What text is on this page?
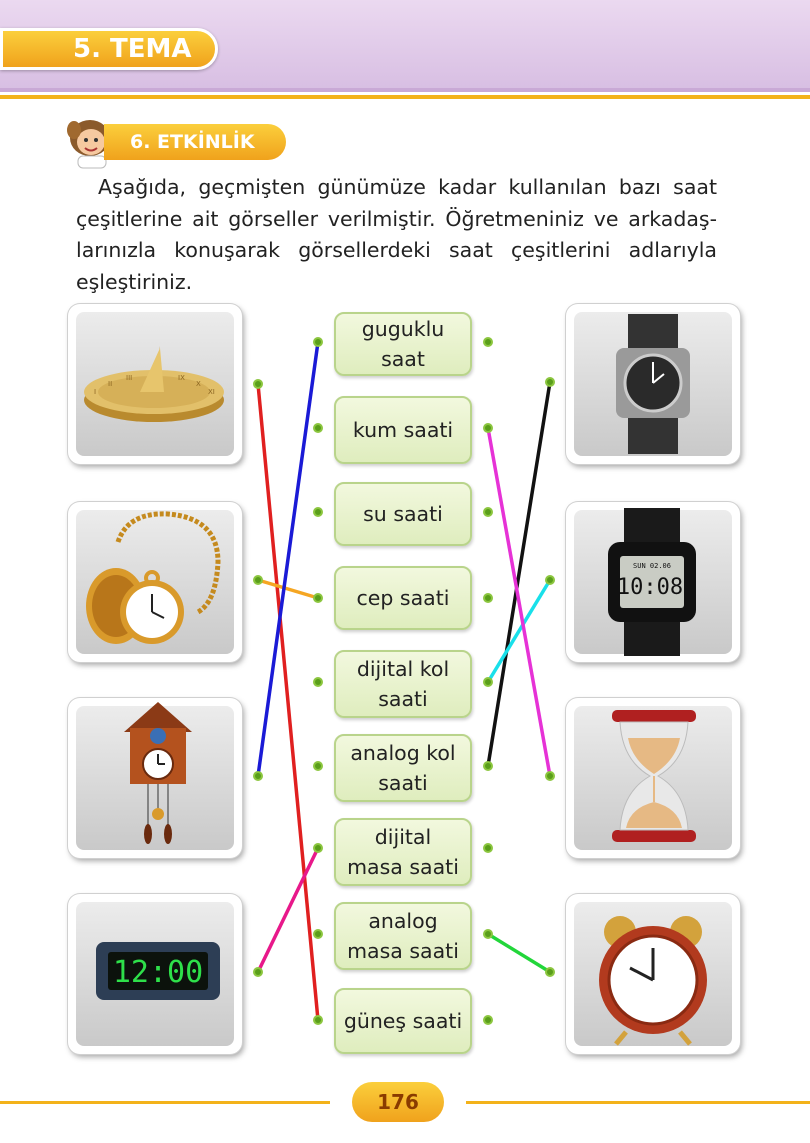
5. TEMA
6. ETKİNLİK
Aşağıda, geçmişten günümüze kadar kullanılan bazı saat
çeşitlerine ait görseller verilmiştir. Öğretmeniniz ve arkadaş-
larınızla konuşarak görsellerdeki saat çeşitlerini adlarıyla
eşleştiriniz.
I
II
III	IX
X
XI
12:00
SUN 02.06
10:08
guguklu
saat
kum saati
su saati
cep saati
dijital kol
saati
analog kol
saati
dijital
masa saati
analog
masa saati
güneş saati
176
